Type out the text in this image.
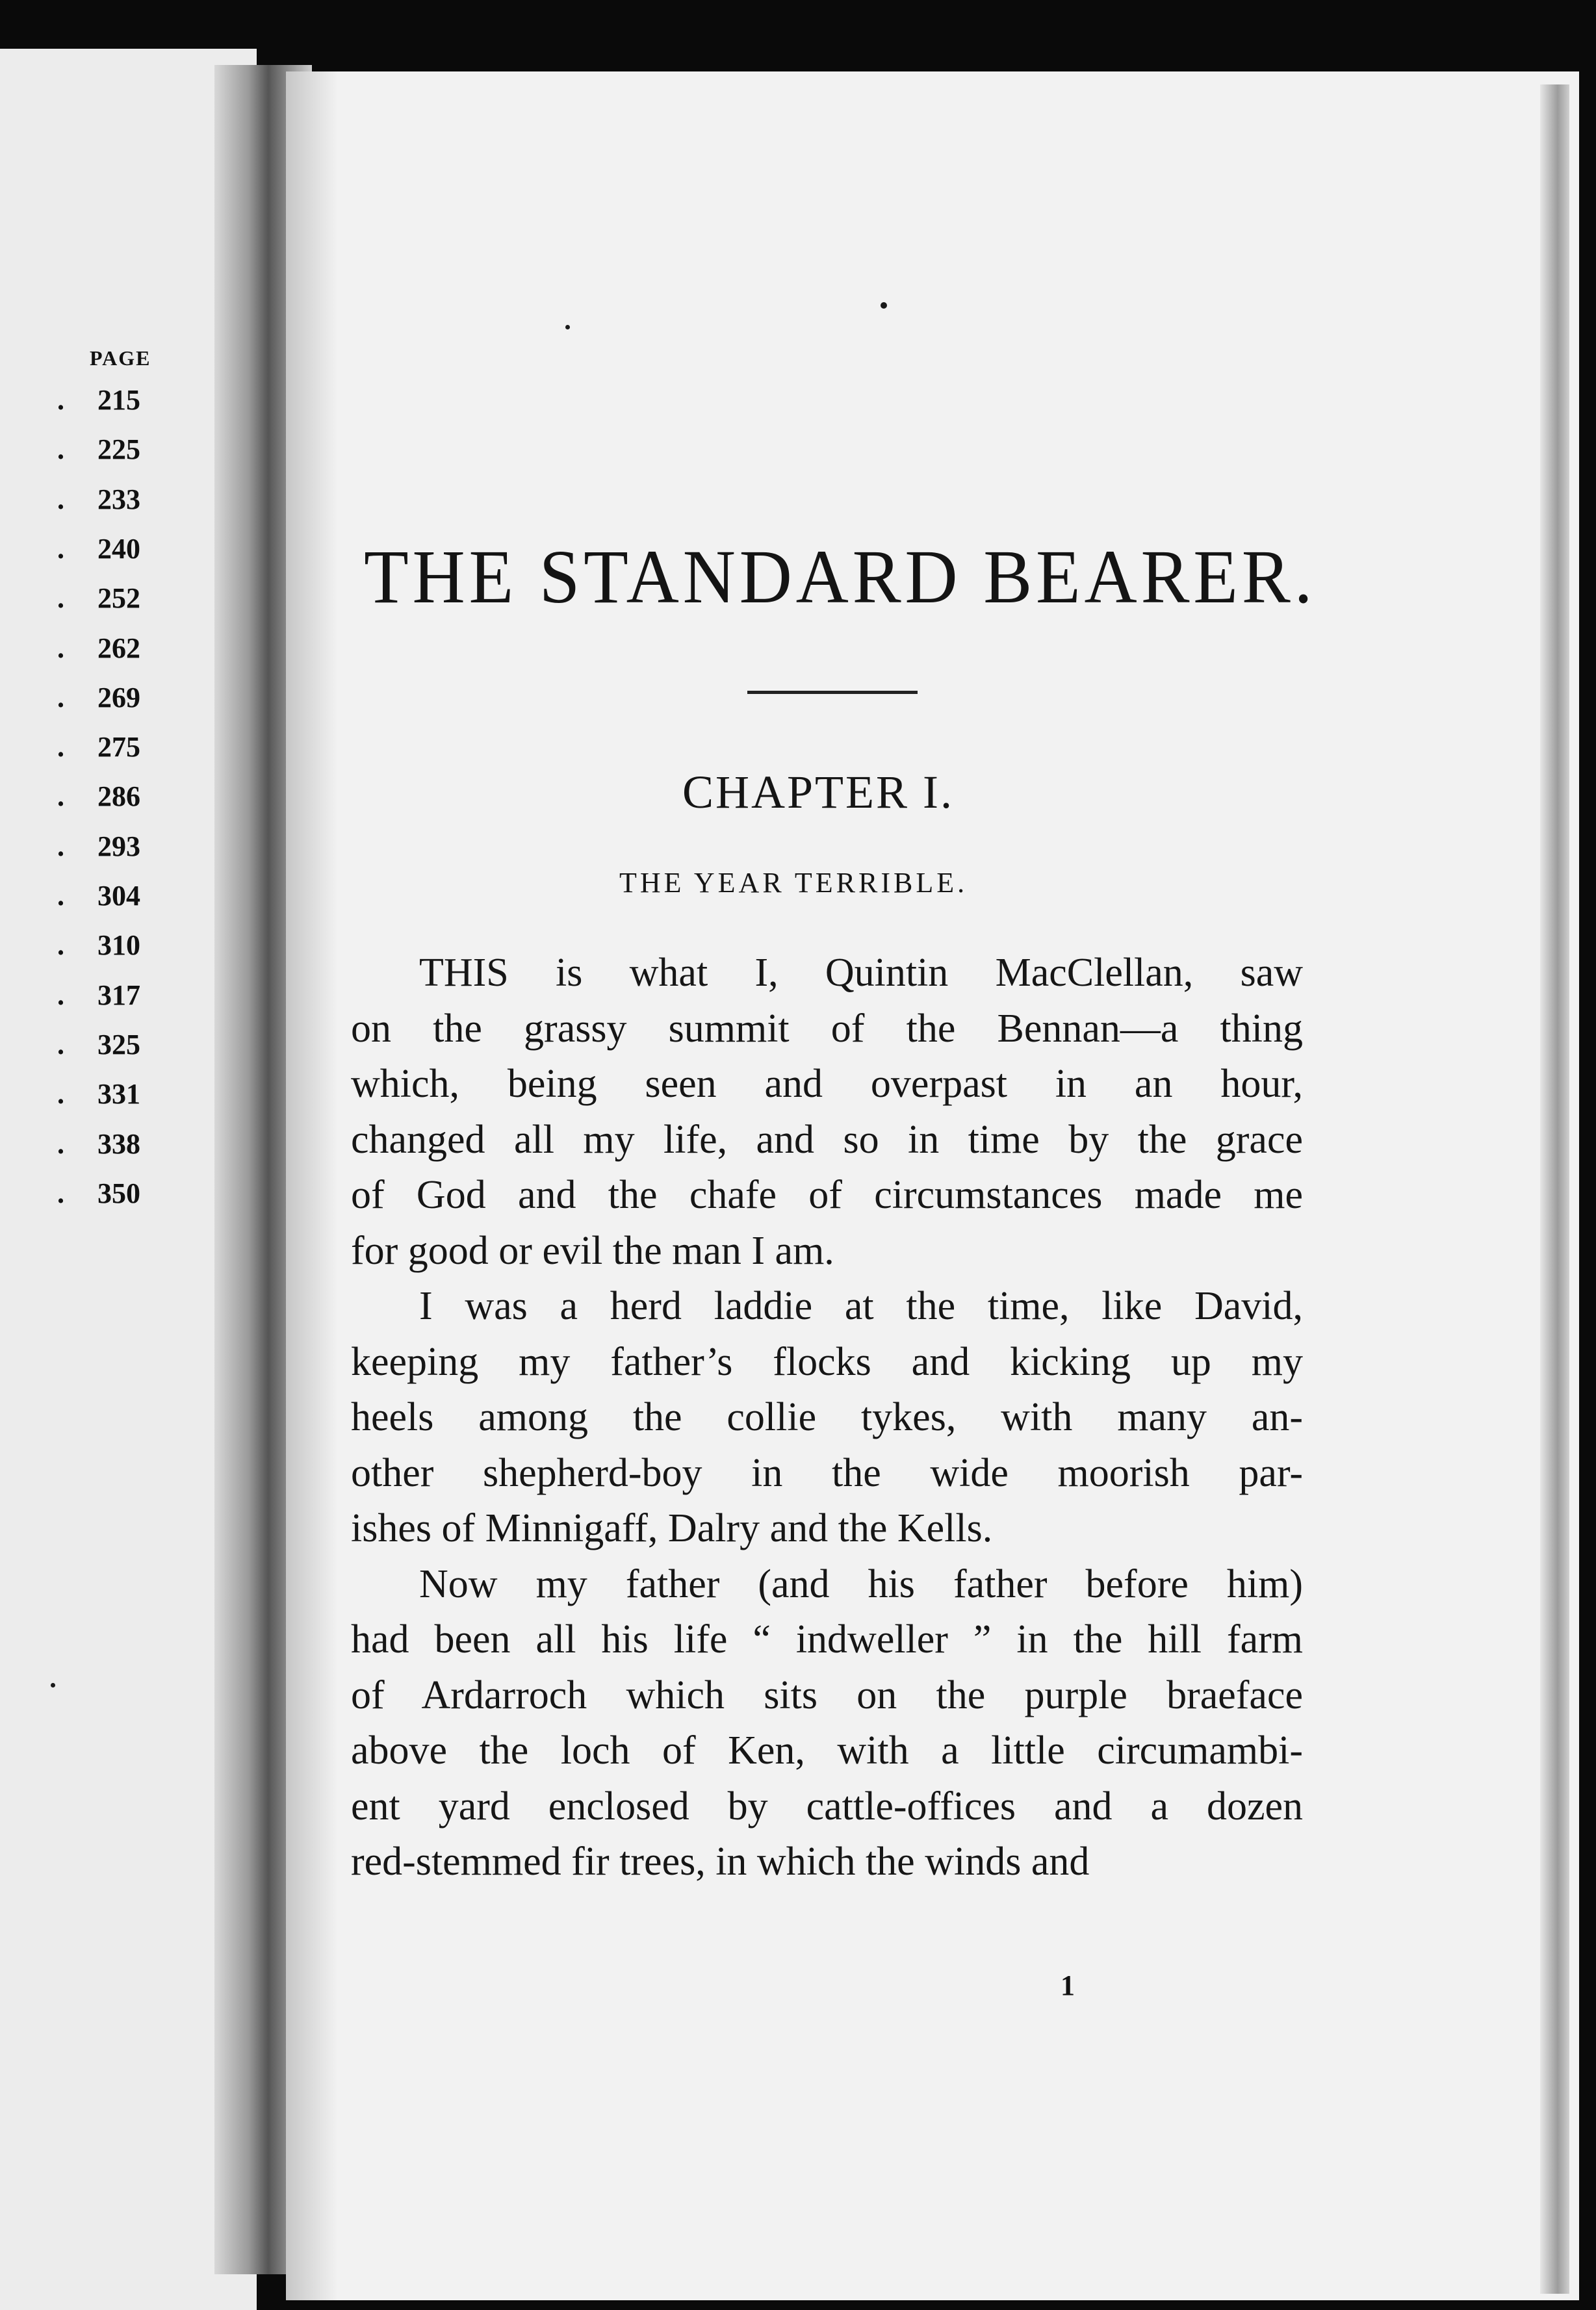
PAGE
. 215
. 225
. 233
. 240
. 252
. 262
. 269
. 275
. 286
. 293
. 304
. 310
. 317
. 325
. 331
. 338
. 350
THE STANDARD BEARER.
CHAPTER I.
THE YEAR TERRIBLE.
THIS is what I, Quintin MacClellan, saw
on the grassy summit of the Bennan—a thing
which, being seen and overpast in an hour,
changed all my life, and so in time by the grace
of God and the chafe of circumstances made me
for good or evil the man I am.
I was a herd laddie at the time, like David,
keeping my father’s flocks and kicking up my
heels among the collie tykes, with many an-
other shepherd-boy in the wide moorish par-
ishes of Minnigaff, Dalry and the Kells.
Now my father (and his father before him)
had been all his life “ indweller ” in the hill farm
of Ardarroch which sits on the purple braeface
above the loch of Ken, with a little circumambi-
ent yard enclosed by cattle-offices and a dozen
red-stemmed fir trees, in which the winds and
1
